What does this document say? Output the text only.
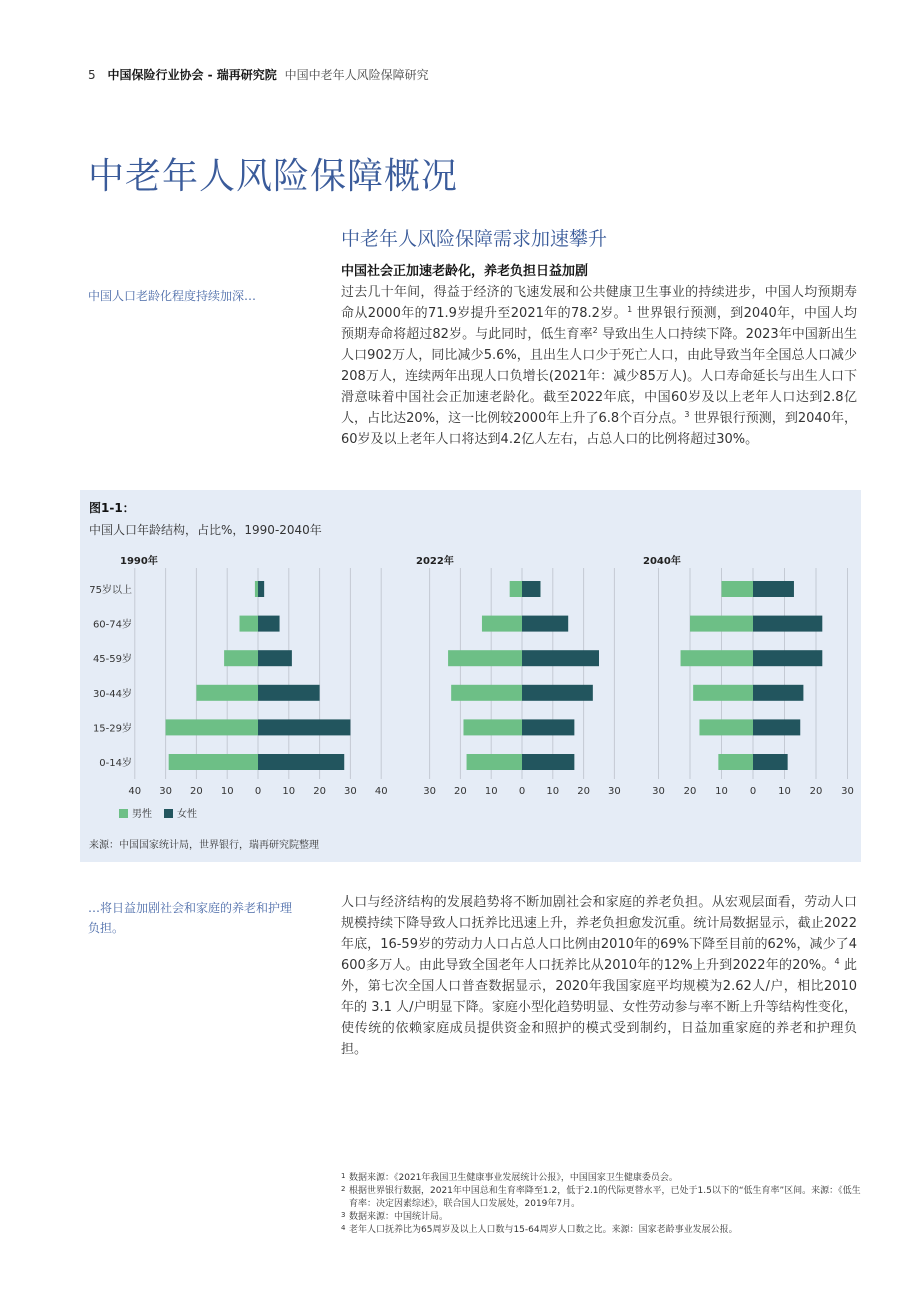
5 中国保险行业协会 - 瑞再研究院 中国中老年人风险保障研究
中老年人风险保障概况
中老年人风险保障需求加速攀升
中国人口老龄化程度持续加深…
中国社会正加速老龄化，养老负担日益加剧

过去几十年间，得益于经济的飞速发展和公共健康卫生事业的持续进步，中国人均预期寿命从2000年的71.9岁提升至2021年的78.2岁。$^1$ 世界银行预测，到2040年，中国人均预期寿命将超过82岁。与此同时，低生育率$^2$ 导致出生人口持续下降。2023年中国新出生人口902万人，同比减少5.6%，且出生人口少于死亡人口，由此导致当年全国总人口减少208万人，连续两年出现人口负增长(2021年：减少85万人)。人口寿命延长与出生人口下滑意味着中国社会正加速老龄化。截至2022年底，中国60岁及以上老年人口达到2.8亿人，占比达20%，这一比例较2000年上升了6.8个百分点。$^3$ 世界银行预测，到2040年，60岁及以上老年人口将达到4.2亿人左右，占总人口的比例将超过30%。

图1-1：
中国人口年龄结构，占比%，1990-2040年
75岁以上
60-74岁
45-59岁
30-44岁
15-29岁
0-14岁
40 30 20 10 0 10 20 30 40
1990年
30 20 10 0 10 20 30
2022年
30 20 10 0 10 20 30
2040年
男性	女性
来源：中国国家统计局，世界银行，瑞再研究院整理
…将日益加剧社会和家庭的养老和护理负担。

人口与经济结构的发展趋势将不断加剧社会和家庭的养老负担。从宏观层面看，劳动人口规模持续下降导致人口抚养比迅速上升，养老负担愈发沉重。统计局数据显示，截止2022年底，16-59岁的劳动力人口占总人口比例由2010年的69%下降至目前的62%，减少了4 600多万人。由此导致全国老年人口抚养比从2010年的12%上升到2022年的20%。$^4$ 此外，第七次全国人口普查数据显示，2020年我国家庭平均规模为2.62人/户，相比2010 年的 3.1 人/户明显下降。家庭小型化趋势明显、女性劳动参与率不断上升等结构性变化，使传统的依赖家庭成员提供资金和照护的模式受到制约，日益加重家庭的养老和护理负担。

1 数据来源：《2021年我国卫生健康事业发展统计公报》，中国国家卫生健康委员会。
2 根据世界银行数据，2021年中国总和生育率降至1.2，低于2.1的代际更替水平，已处于1.5以下的“低生育率”区间。来源：《低生育率：决定因素综述》，联合国人口发展处，2019年7月。
3 数据来源：中国统计局。
4 老年人口抚养比为65周岁及以上人口数与15-64周岁人口数之比。来源：国家老龄事业发展公报。
